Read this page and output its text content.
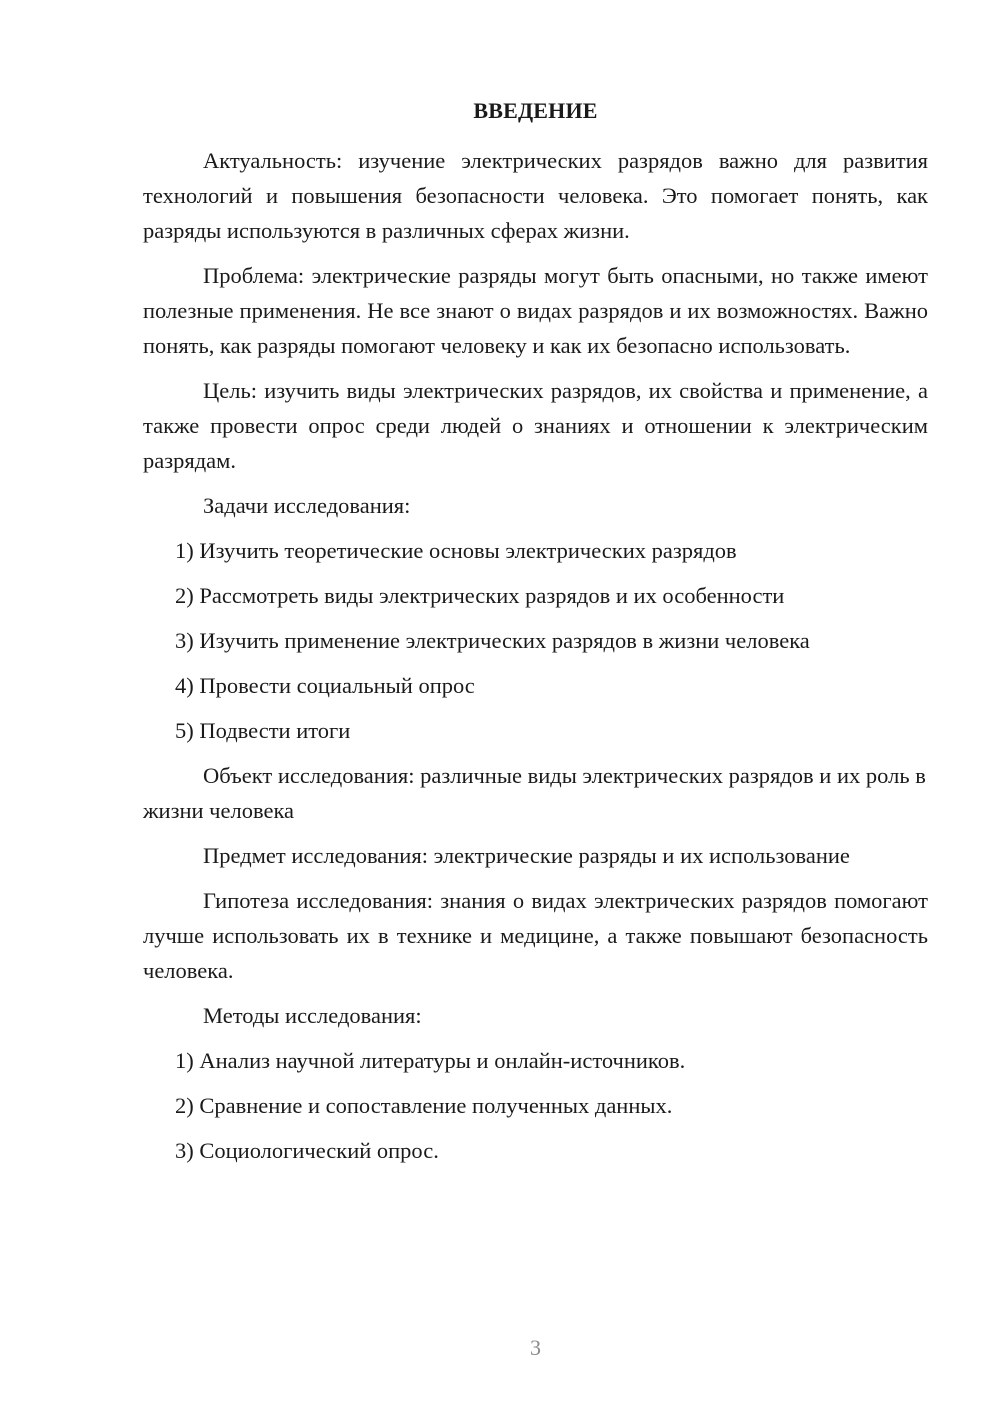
ВВЕДЕНИЕ

Актуальность: изучение электрических разрядов важно для развития технологий и повышения безопасности человека. Это помогает понять, как разряды используются в различных сферах жизни.

Проблема: электрические разряды могут быть опасными, но также имеют полезные применения. Не все знают о видах разрядов и их возможностях. Важно понять, как разряды помогают человеку и как их безопасно использовать.

Цель: изучить виды электрических разрядов, их свойства и применение, а также провести опрос среди людей о знаниях и отношении к электрическим разрядам.

Задачи исследования:

1) Изучить теоретические основы электрических разрядов

2) Рассмотреть виды электрических разрядов и их особенности

3) Изучить применение электрических разрядов в жизни человека

4) Провести социальный опрос

5) Подвести итоги

Объект исследования: различные виды электрических разрядов и их роль в жизни человека

Предмет исследования: электрические разряды и их использование

Гипотеза исследования: знания о видах электрических разрядов помогают лучше использовать их в технике и медицине, а также повышают безопасность человека.

Методы исследования:

1) Анализ научной литературы и онлайн-источников.

2) Сравнение и сопоставление полученных данных.

3) Социологический опрос.

3
